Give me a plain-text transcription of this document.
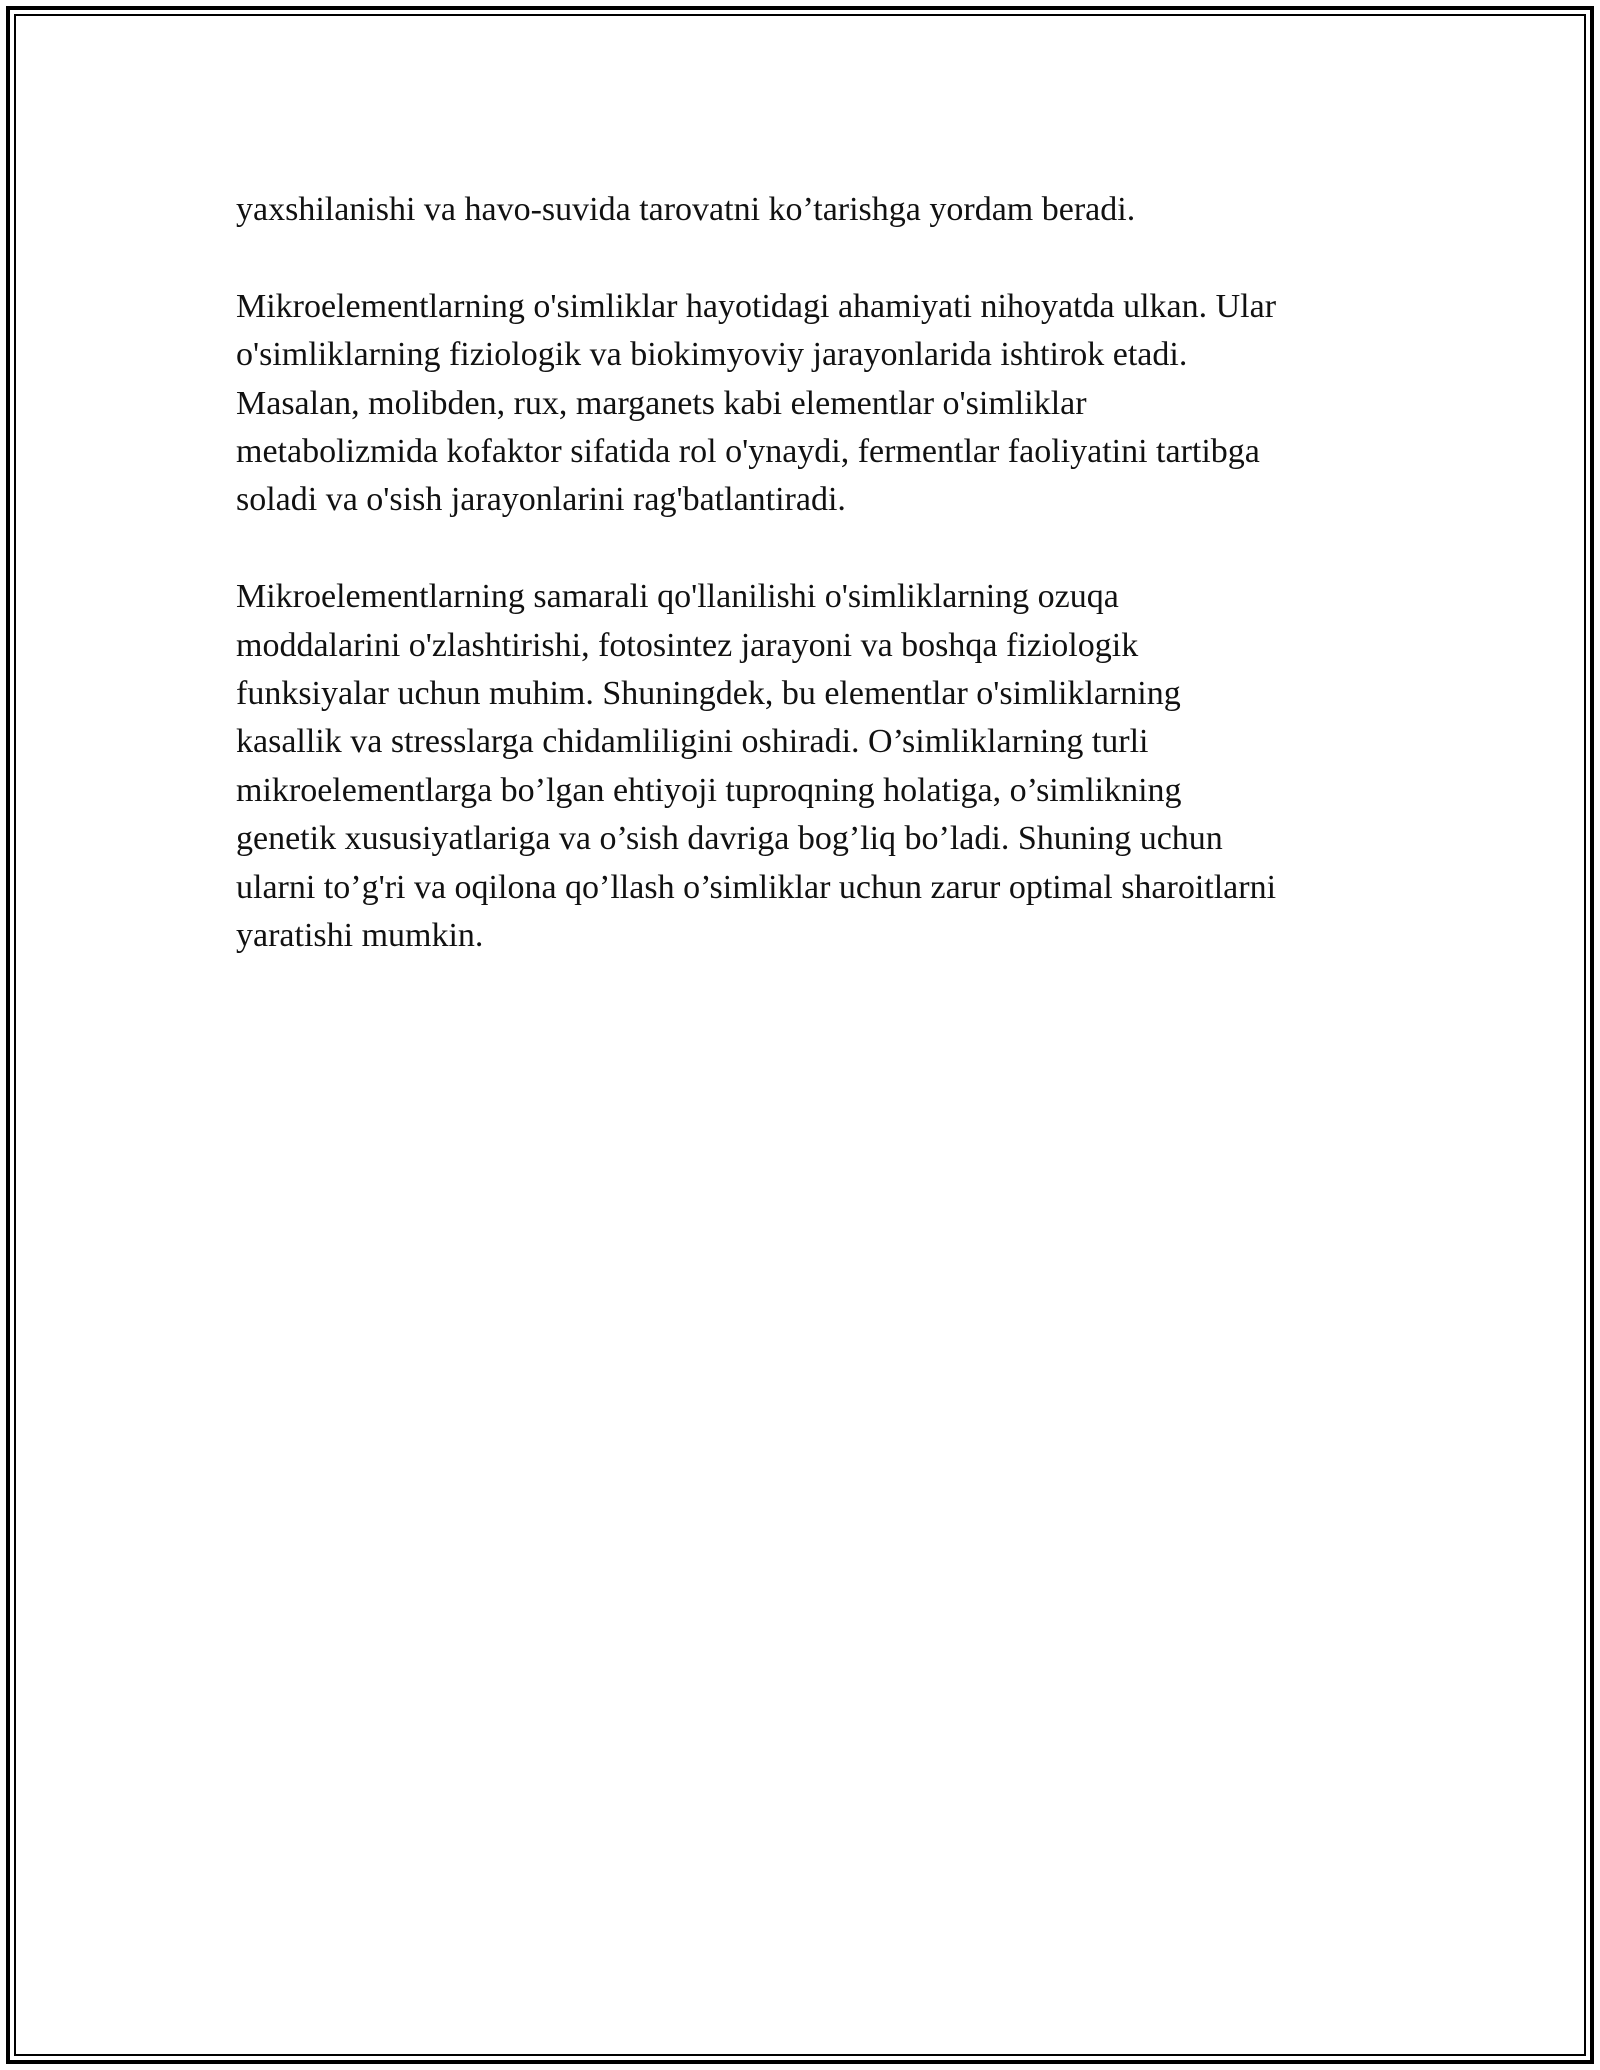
yaxshilanishi va havo-suvida tarovatni ko’tarishga yordam beradi.

Mikroelementlarning o'simliklar hayotidagi ahamiyati nihoyatda ulkan. Ular
o'simliklarning fiziologik va biokimyoviy jarayonlarida ishtirok etadi.
Masalan, molibden, rux, marganets kabi elementlar o'simliklar
metabolizmida kofaktor sifatida rol o'ynaydi, fermentlar faoliyatini tartibga
soladi va o'sish jarayonlarini rag'batlantiradi.

Mikroelementlarning samarali qo'llanilishi o'simliklarning ozuqa
moddalarini o'zlashtirishi, fotosintez jarayoni va boshqa fiziologik
funksiyalar uchun muhim. Shuningdek, bu elementlar o'simliklarning
kasallik va stresslarga chidamliligini oshiradi. O’simliklarning turli
mikroelementlarga bo’lgan ehtiyoji tuproqning holatiga, o’simlikning
genetik xususiyatlariga va o’sish davriga bog’liq bo’ladi. Shuning uchun
ularni to’g'ri va oqilona qo’llash o’simliklar uchun zarur optimal sharoitlarni
yaratishi mumkin.
